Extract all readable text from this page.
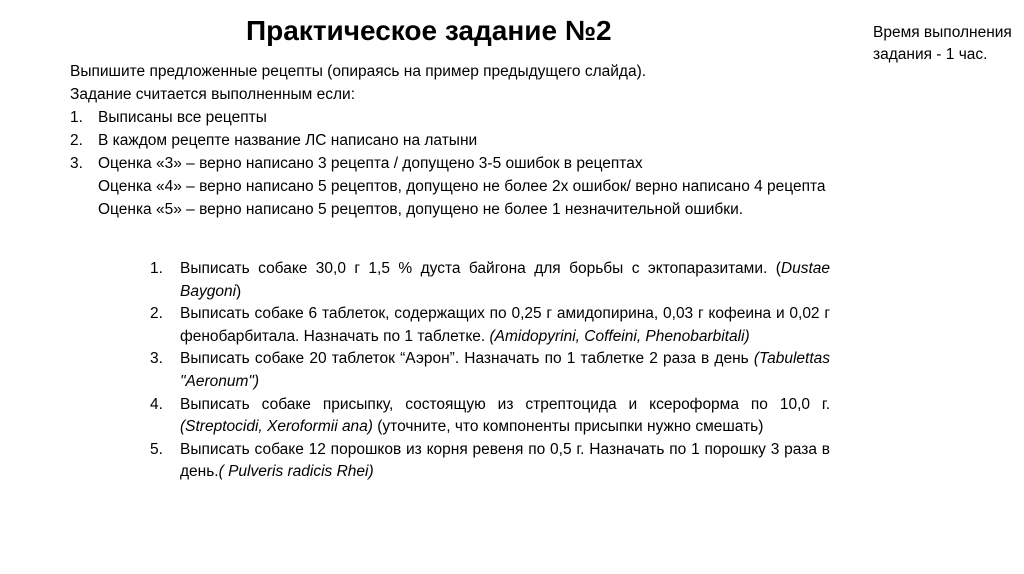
Практическое задание №2	Время выполнения задания - 1 час.
Выпишите предложенные рецепты (опираясь на пример предыдущего слайда).
Задание считается выполненным если:
1. Выписаны все рецепты
2. В каждом рецепте название ЛС написано на латыни
3. Оценка «3» – верно написано 3 рецепта / допущено 3-5 ошибок в рецептах
Оценка «4» – верно написано 5 рецептов, допущено не более 2х ошибок/ верно написано 4 рецепта
Оценка «5» – верно написано 5 рецептов, допущено не более 1 незначительной ошибки.
1. Выписать собаке 30,0 г 1,5 % дуста байгона для борьбы с эктопаразитами. (Dustae Baygoni)
2. Выписать собаке 6 таблеток, содержащих по 0,25 г амидопирина, 0,03 г кофеина и 0,02 г фенобарбитала. Назначать по 1 таблетке. (Amidopyrini, Coffeini, Phenobarbitali)
3. Выписать собаке 20 таблеток “Аэрон”. Назначать по 1 таблетке 2 раза в день (Tabulettas "Aeronum")
4. Выписать собаке присыпку, состоящую из стрептоцида и ксероформа по 10,0 г. (Streptocidi, Xeroformii ana) (уточните, что компоненты присыпки нужно смешать)
5. Выписать собаке 12 порошков из корня ревеня по 0,5 г. Назначать по 1 порошку 3 раза в день.( Pulveris radicis Rhei)
